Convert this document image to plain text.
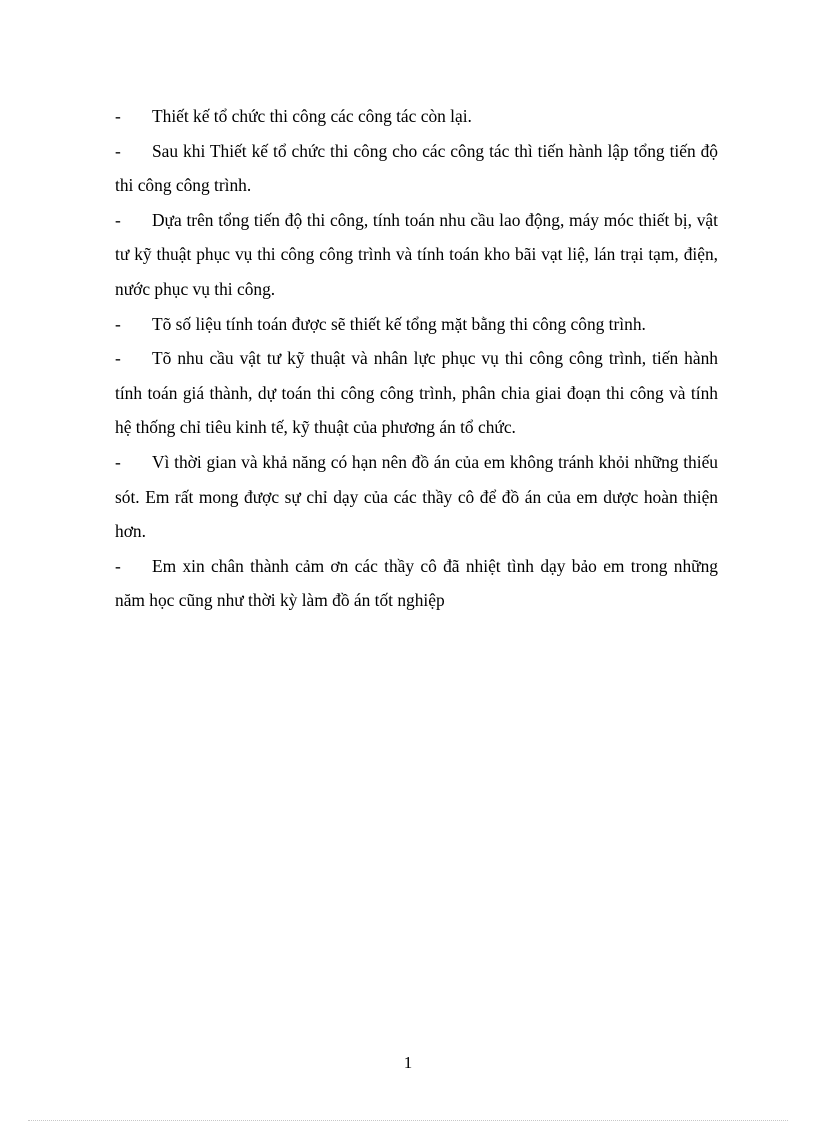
- Thiết kế tổ chức thi công các công tác còn lại.

- Sau khi Thiết kế tổ chức thi công cho các công tác thì tiến hành lập tổng tiến độ thi công công trình.

- Dựa trên tổng tiến độ thi công, tính toán nhu cầu lao động, máy móc thiết bị, vật tư kỹ thuật phục vụ thi công công trình và tính toán kho bãi vạt liệ, lán trại tạm, điện, nước phục vụ thi công.

- Tõ số liệu tính toán được sẽ thiết kế tổng mặt bằng thi công công trình.

- Tõ nhu cầu vật tư kỹ thuật và nhân lực phục vụ thi công công trình, tiến hành tính toán giá thành, dự toán thi công công trình, phân chia giai đoạn thi công và tính hệ thống chỉ tiêu kinh tế, kỹ thuật của phương án tổ chức.

- Vì thời gian và khả năng có hạn nên đồ án của em không tránh khỏi những thiếu sót. Em rất mong được sự chỉ dạy của các thầy cô để đồ án của em dược hoàn thiện hơn.

- Em xin chân thành cảm ơn các thầy cô đã nhiệt tình dạy bảo em trong những năm học cũng như thời kỳ làm đồ án tốt nghiệp

1
